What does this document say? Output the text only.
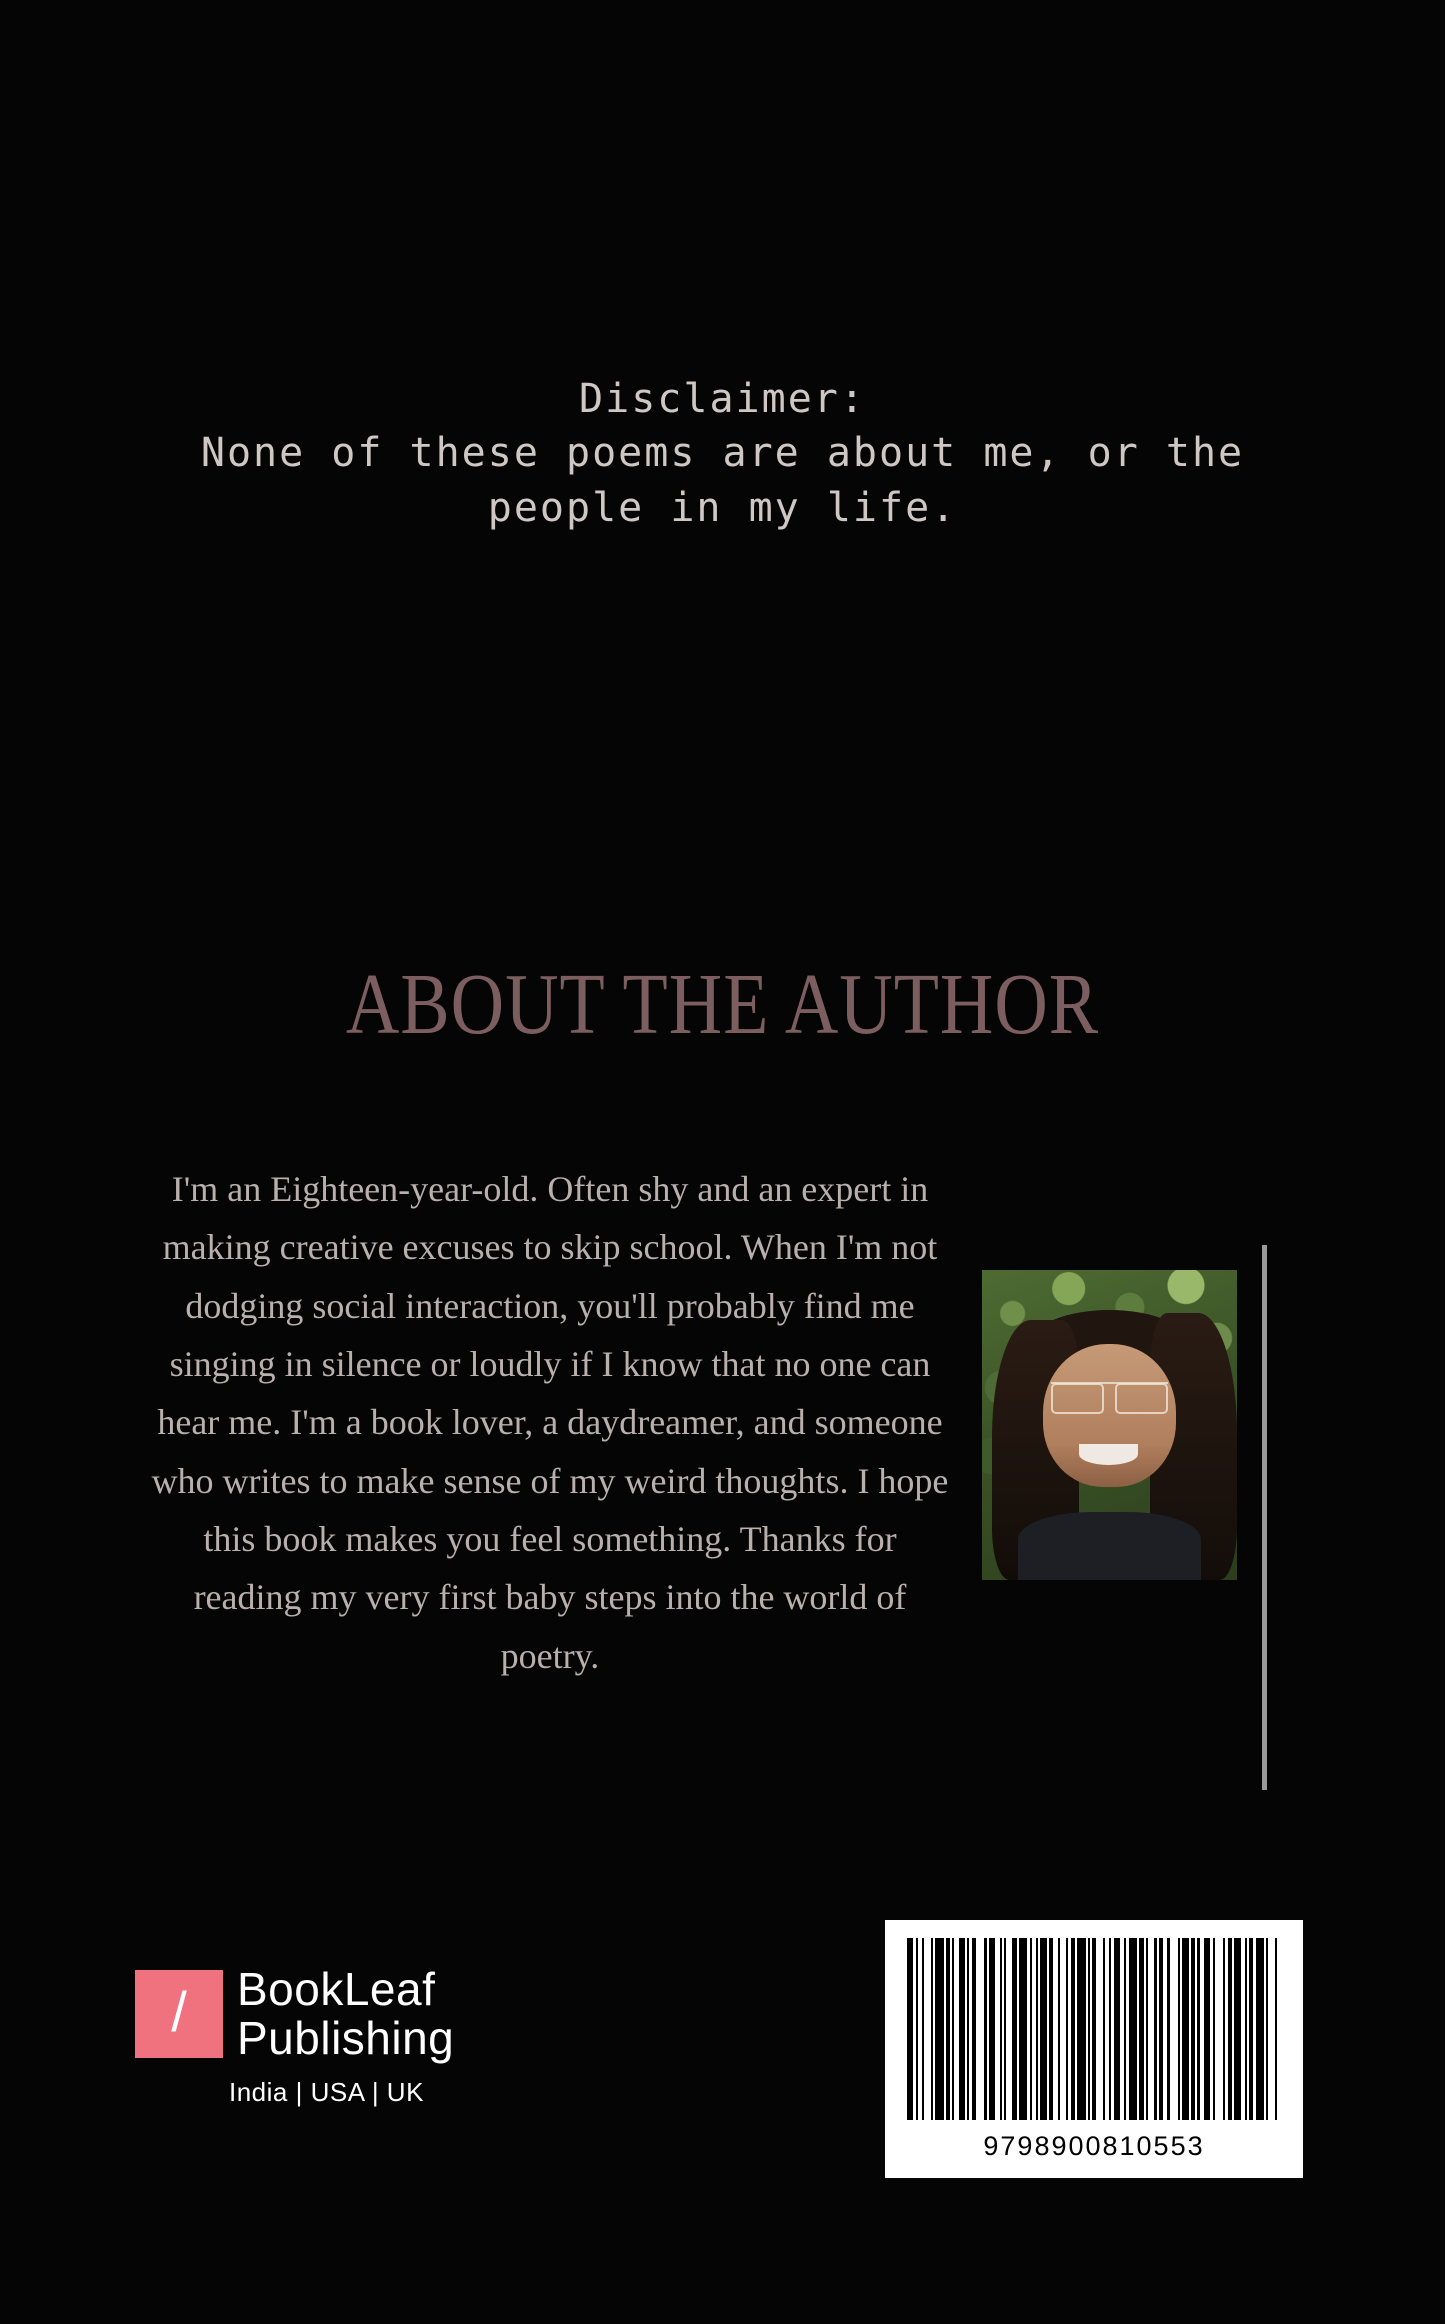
Disclaimer:
None of these poems are about me, or the
people in my life.
ABOUT THE AUTHOR
I'm an Eighteen-year-old. Often shy and an expert in making creative excuses to skip school. When I'm not dodging social interaction, you'll probably find me singing in silence or loudly if I know that no one can hear me. I'm a book lover, a daydreamer, and someone who writes to make sense of my weird thoughts. I hope this book makes you feel something. Thanks for reading my very first baby steps into the world of poetry.
/ BookLeaf
Publishing
India | USA | UK
9798900810553
